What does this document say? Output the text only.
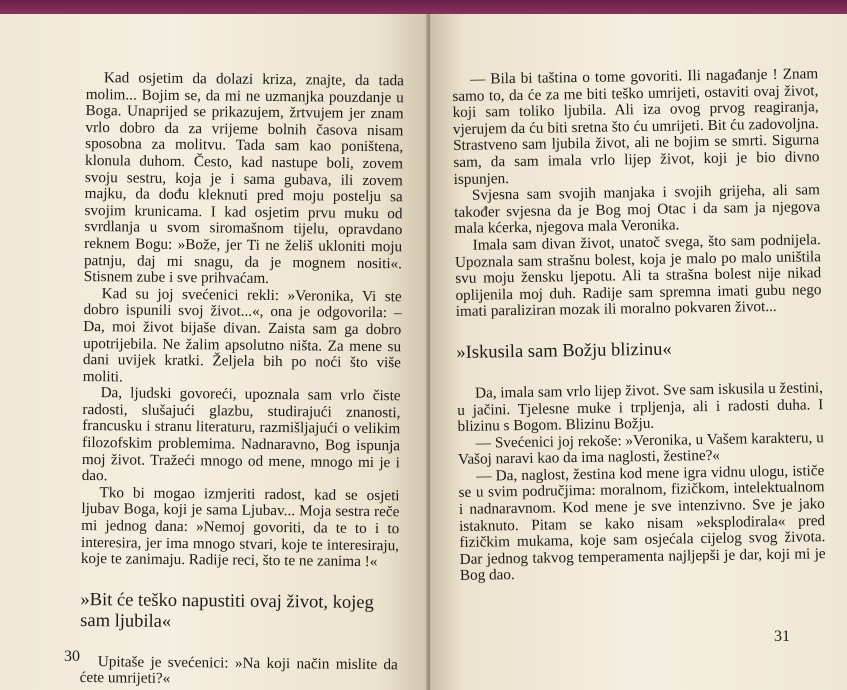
Kad osjetim da dolazi kriza, znajte, da tada molim... Bojim se, da mi ne uzmanjka pouzdanje u Boga. Unaprijed se prikazujem, žrtvujem jer znam vrlo dobro da za vrijeme bolnih časova nisam sposobna za molitvu. Tada sam kao poništena, klonula duhom. Često, kad nastupe boli, zovem svoju sestru, koja je i sama gubava, ili zovem majku, da dođu kleknuti pred moju postelju sa svojim krunicama. I kad osjetim prvu muku od svrdlanja u svom siromašnom tijelu, opravdano reknem Bogu: »Bože, jer Ti ne želiš ukloniti moju patnju, daj mi snagu, da je mognem nositi«. Stisnem zube i sve prihvaćam.

Kad su joj svećenici rekli: »Veronika, Vi ste dobro ispunili svoj život...«, ona je odgovorila: – Da, moi život bijaše divan. Zaista sam ga dobro upotrijebila. Ne žalim apsolutno ništa. Za mene su dani uvijek kratki. Željela bih po noći što više moliti.

Da, ljudski govoreći, upoznala sam vrlo čiste radosti, slušajući glazbu, studirajući znanosti, francusku i stranu literaturu, razmišljajući o velikim filozofskim problemima. Nadnaravno, Bog ispunja moj život. Tražeći mnogo od mene, mnogo mi je i dao.

Tko bi mogao izmjeriti radost, kad se osjeti ljubav Boga, koji je sama Ljubav... Moja sestra reče mi jednog dana: »Nemoj govoriti, da te to i to interesira, jer ima mnogo stvari, koje te interesiraju, koje te zanimaju. Radije reci, što te ne zanima !«

»Bit će teško napustiti ovaj život, kojeg sam ljubila«

Upitaše je svećenici: »Na koji način mislite da ćete umrijeti?«

30

— Bila bi taština o tome govoriti. Ili nagađanje ! Znam samo to, da će za me biti teško umrijeti, ostaviti ovaj život, koji sam toliko ljubila. Ali iza ovog prvog reagiranja, vjerujem da ću biti sretna što ću umrijeti. Bit ću zadovoljna. Strastveno sam ljubila život, ali ne bojim se smrti. Sigurna sam, da sam imala vrlo lijep život, koji je bio divno ispunjen.

Svjesna sam svojih manjaka i svojih grijeha, ali sam također svjesna da je Bog moj Otac i da sam ja njegova mala kćerka, njegova mala Veronika.

Imala sam divan život, unatoč svega, što sam podnijela. Upoznala sam strašnu bolest, koja je malo po malo uništila svu moju žensku ljepotu. Ali ta strašna bolest nije nikad oplijenila moj duh. Radije sam spremna imati gubu nego imati paraliziran mozak ili moralno pokvaren život...

»Iskusila sam Božju blizinu«

Da, imala sam vrlo lijep život. Sve sam iskusila u žestini, u jačini. Tjelesne muke i trpljenja, ali i radosti duha. I blizinu s Bogom. Blizinu Božju.

— Svećenici joj rekoše: »Veronika, u Vašem karakteru, u Vašoj naravi kao da ima naglosti, žestine?«

— Da, naglost, žestina kod mene igra vidnu ulogu, ističe se u svim područjima: moralnom, fizičkom, intelektualnom i nadnaravnom. Kod mene je sve intenzivno. Sve je jako istaknuto. Pitam se kako nisam »eksplodirala« pred fizičkim mukama, koje sam osjećala cijelog svog života. Dar jednog takvog temperamenta najljepši je dar, koji mi je Bog dao.

31
